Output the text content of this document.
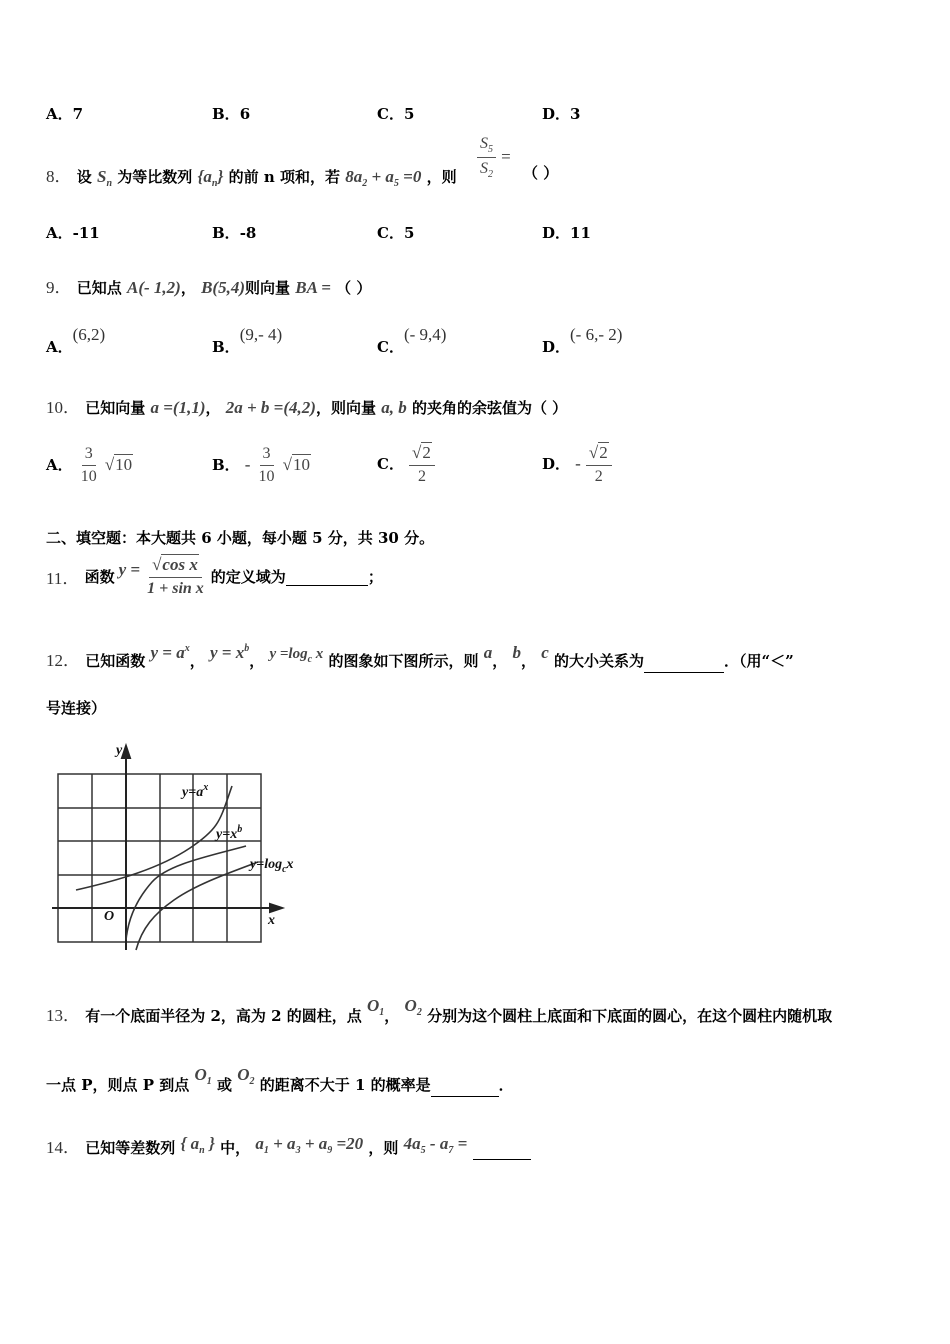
A．7	B．6	C．5	D．3
8． 设 $S_n$ 为等比数列 $\{a_n\}$ 的前 n 项和，若 $8a_2 + a_5 =0$ ，则 $\frac{S_5}{S_2}$ =
（ ）
A．-11	B．-8	C．5	D．11
9． 已知点 A(- 1,2)， B(5,4)则向量 BA = （ ）
A．(6,2)
B．(9,- 4)
C．(- 9,4)
D．(- 6,- 2)
10． 已知向量 a =(1,1)， 2a + b =(4,2)，则向量 a, b 的夹角的余弦值为（ ）
A． $\frac{3}{10} √10$	B． - $\frac{3}{10} √10$	C． $\frac{√2}{2}$	D． - $\frac{√2}{2}$
二、填空题：本大题共 6 小题，每小题 5 分，共 30 分。
11．
函数 $y = \frac{\text{√cos x}}{\text{1 + sin x}}$ 的定义域为	；
12． 已知函数 $y = a^x$， $y = x^b$， $y =\log_c$ x 的图象如下图所示，则 a， b， c 的大小关系为	．（用“＜”
号连接）
y
x
O
$y=a^x$
$y=x^b$
$y=\log_cx$
13． 有一个底面半径为 2，高为 2 的圆柱，点 $O_1$， $O_2$ 分别为这个圆柱上底面和下底面的圆心，在这个圆柱内随机取
一点 P，则点 P 到点 $O_1$ 或 $O_2$ 的距离不大于 1 的概率是	．
14． 已知等差数列 { $a_n$ } 中， $a_1 + a_3 + a_9 =20$ ，则 $4a_5 - a_7$ =
